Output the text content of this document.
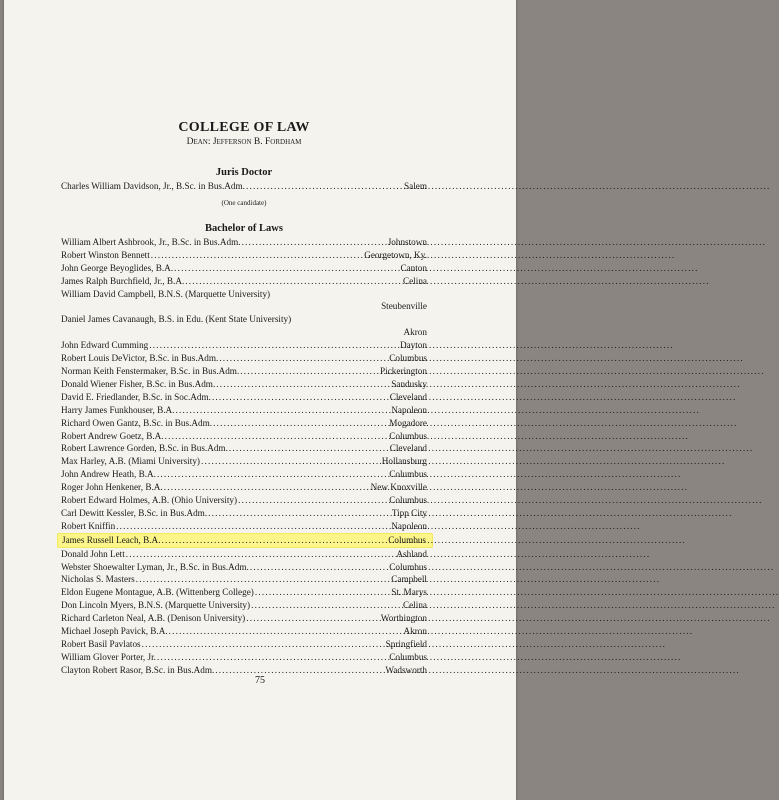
COLLEGE OF LAW

Dean: Jefferson B. Fordham

Juris Doctor
Charles William Davidson, Jr., B.Sc. in Bus.Adm. .....	Salem

(One candidate)

Bachelor of Laws
William Albert Ashbrook, Jr., B.Sc. in Bus.Adm. .....	Johnstown
Robert Winston Bennett .....	Georgetown, Ky.
John George Beyoglides, B.A. .....	Canton
James Ralph Burchfield, Jr., B.A. .....	Celina
William David Campbell, B.N.S. (Marquette University)
Steubenville
Daniel James Cavanaugh, B.S. in Edu. (Kent State University)
Akron
John Edward Cumming .....	Dayton
Robert Louis DeVictor, B.Sc. in Bus.Adm. .....	Columbus
Norman Keith Fenstermaker, B.Sc. in Bus.Adm. .....	Pickerington
Donald Wiener Fisher, B.Sc. in Bus.Adm. .....	Sandusky
David E. Friedlander, B.Sc. in Soc.Adm. .....	Cleveland
Harry James Funkhouser, B.A. .....	Napoleon
Richard Owen Gantz, B.Sc. in Bus.Adm. .....	Mogadore
Robert Andrew Goetz, B.A. .....	Columbus
Robert Lawrence Gorden, B.Sc. in Bus.Adm. .....	Cleveland
Max Harley, A.B. (Miami University) .....	Hollansburg
John Andrew Heath, B.A. .....	Columbus
Roger John Henkener, B.A. .....	New Knoxville
Robert Edward Holmes, A.B. (Ohio University) .....	Columbus
Carl Dewitt Kessler, B.Sc. in Bus.Adm. .....	Tipp City
Robert Kniffin .....	Napoleon
James Russell Leach, B.A. .....	Columbus
Donald John Lett .....	Ashland
Webster Shoewalter Lyman, Jr., B.Sc. in Bus.Adm. .....	Columbus
Nicholas S. Masters .....	Campbell
Eldon Eugene Montague, A.B. (Wittenberg College) .....	St. Marys
Don Lincoln Myers, B.N.S. (Marquette University) .....	Celina
Richard Carleton Neal, A.B. (Denison University) .....	Worthington
Michael Joseph Pavick, B.A. .....	Akron
Robert Basil Pavlatos .....	Springfield
William Glover Porter, Jr. .....	Columbus
Clayton Robert Rasor, B.Sc. in Bus.Adm. .....	Wadsworth
75
